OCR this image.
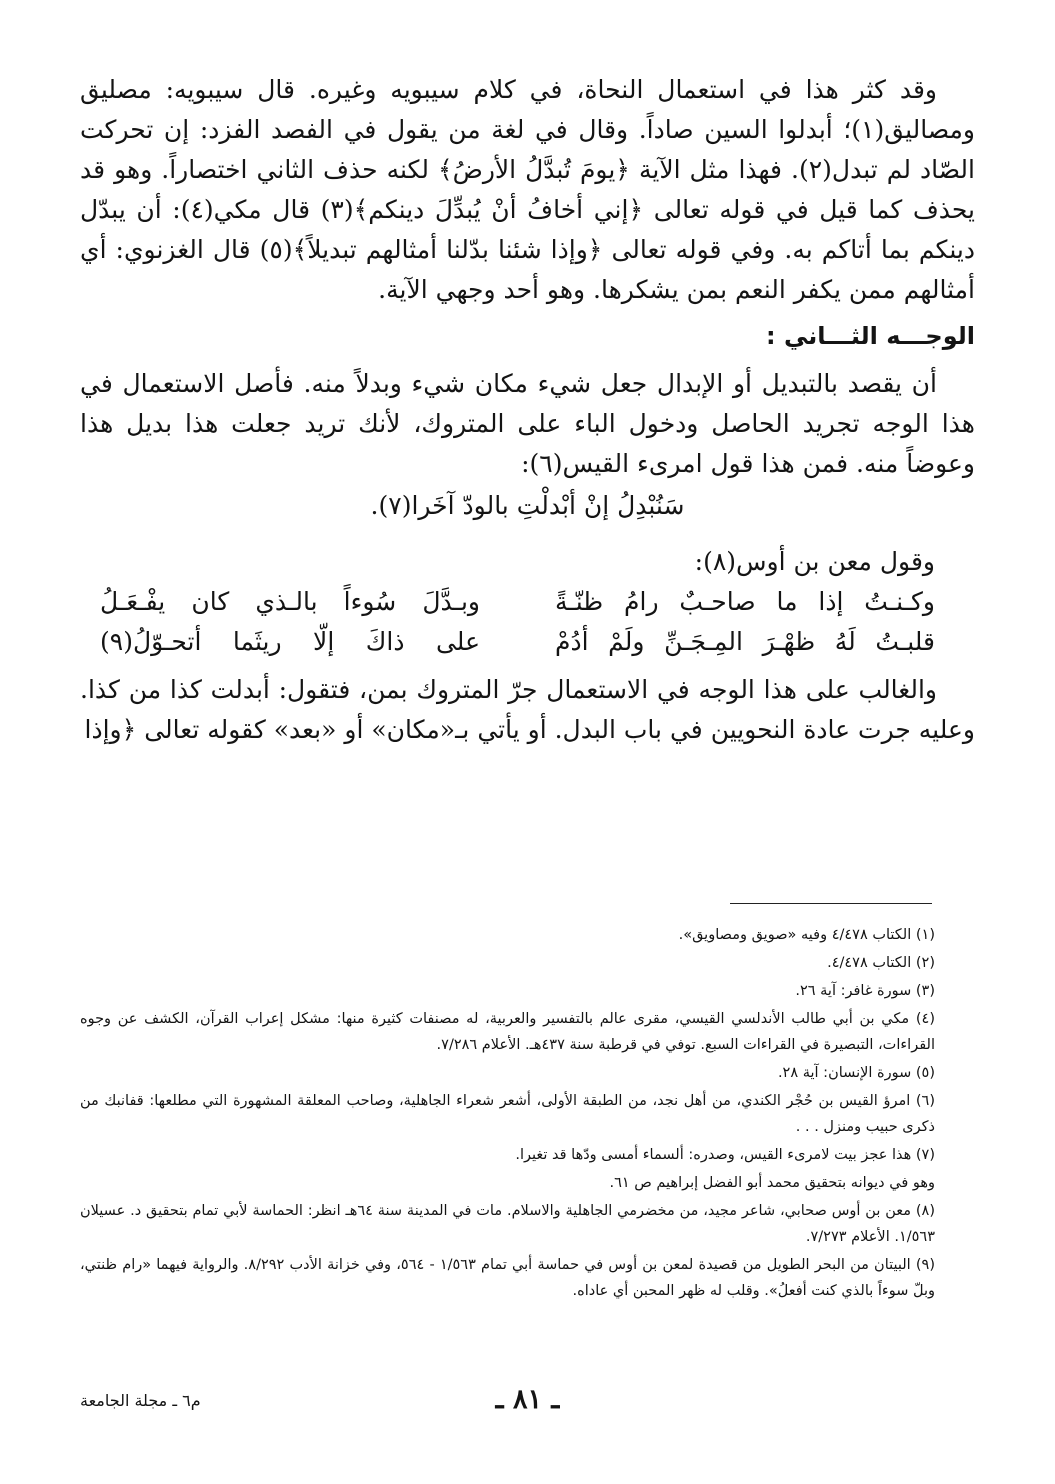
وقد كثر هذا في استعمال النحاة، في كلام سيبويه وغيره. قال سيبويه: مصليق ومصاليق(١)؛ أبدلوا السين صاداً. وقال في لغة من يقول في الفصد الفزد: إن تحركت الصّاد لم تبدل(٢). فهذا مثل الآية ﴿يومَ تُبدَّلُ الأرضُ﴾ لكنه حذف الثاني اختصاراً. وهو قد يحذف كما قيل في قوله تعالى ﴿إني أخافُ أنْ يُبدِّلَ دينكم﴾(٣) قال مكي(٤): أن يبدّل دينكم بما أتاكم به. وفي قوله تعالى ﴿وإذا شئنا بدّلنا أمثالهم تبديلاً﴾(٥) قال الغزنوي: أي أمثالهم ممن يكفر النعم بمن يشكرها. وهو أحد وجهي الآية.

الوجـــه الثـــاني :

أن يقصد بالتبديل أو الإبدال جعل شيء مكان شيء وبدلاً منه. فأصل الاستعمال في هذا الوجه تجريد الحاصل ودخول الباء على المتروك، لأنك تريد جعلت هذا بديل هذا وعوضاً منه. فمن هذا قول امرىء القيس(٦):

سَنُبْدِلُ إنْ أبْدلْتِ بالودّ آخَرا(٧).
وقول معن بن أوس(٨):
وكـنـتُ إذا ما صاحـبٌ رامُ ظنّـةً
وبـدَّلَ سُوءاً بالـذي كان يفْـعَـلُ
قلبـتُ لَهُ ظهْـرَ المِـجَـنِّ ولَمْ أدُمْ
على ذاكَ إلّا ريثَما أتحـوّلُ(٩)

والغالب على هذا الوجه في الاستعمال جرّ المتروك بمن، فتقول: أبدلت كذا من كذا. وعليه جرت عادة النحويين في باب البدل. أو يأتي بـ«مكان» أو «بعد» كقوله تعالى ﴿وإذا

(١) الكتاب ٤/٤٧٨ وفيه «صويق ومصاويق».
(٢) الكتاب ٤/٤٧٨.
(٣) سورة غافر: آية ٢٦.
(٤) مكي بن أبي طالب الأندلسي القيسي، مقرى عالم بالتفسير والعربية، له مصنفات كثيرة منها: مشكل إعراب القرآن، الكشف عن وجوه القراءات، التبصيرة في القراءات السبع. توفي في قرطبة سنة ٤٣٧هـ. الأعلام ٧/٢٨٦.
(٥) سورة الإنسان: آية ٢٨.
(٦) امرؤ القيس بن حُجْر الكندي، من أهل نجد، من الطبقة الأولى، أشعر شعراء الجاهلية، وصاحب المعلقة المشهورة التي مطلعها: قفانبك من ذكرى حبيب ومنزل . . .
(٧) هذا عجز بيت لامرىء القيس، وصدره: ألسماء أمسى ودّها قد تغيرا.
وهو في ديوانه بتحقيق محمد أبو الفضل إبراهيم ص ٦١.
(٨) معن بن أوس صحابي، شاعر مجيد، من مخضرمي الجاهلية والاسلام. مات في المدينة سنة ٦٤هـ انظر: الحماسة لأبي تمام بتحقيق د. عسيلان ١/٥٦٣. الأعلام ٧/٢٧٣.
(٩) البيتان من البحر الطويل من قصيدة لمعن بن أوس في حماسة أبي تمام ١/٥٦٣ - ٥٦٤، وفي خزانة الأدب ٨/٢٩٢. والرواية فيهما «رام ظنتي، وبلّ سوءاً بالذي كنت أفعلُ». وقلب له ظهر المحبن أي عاداه.
ـ ٨١ ـ
م٦ ـ مجلة الجامعة
